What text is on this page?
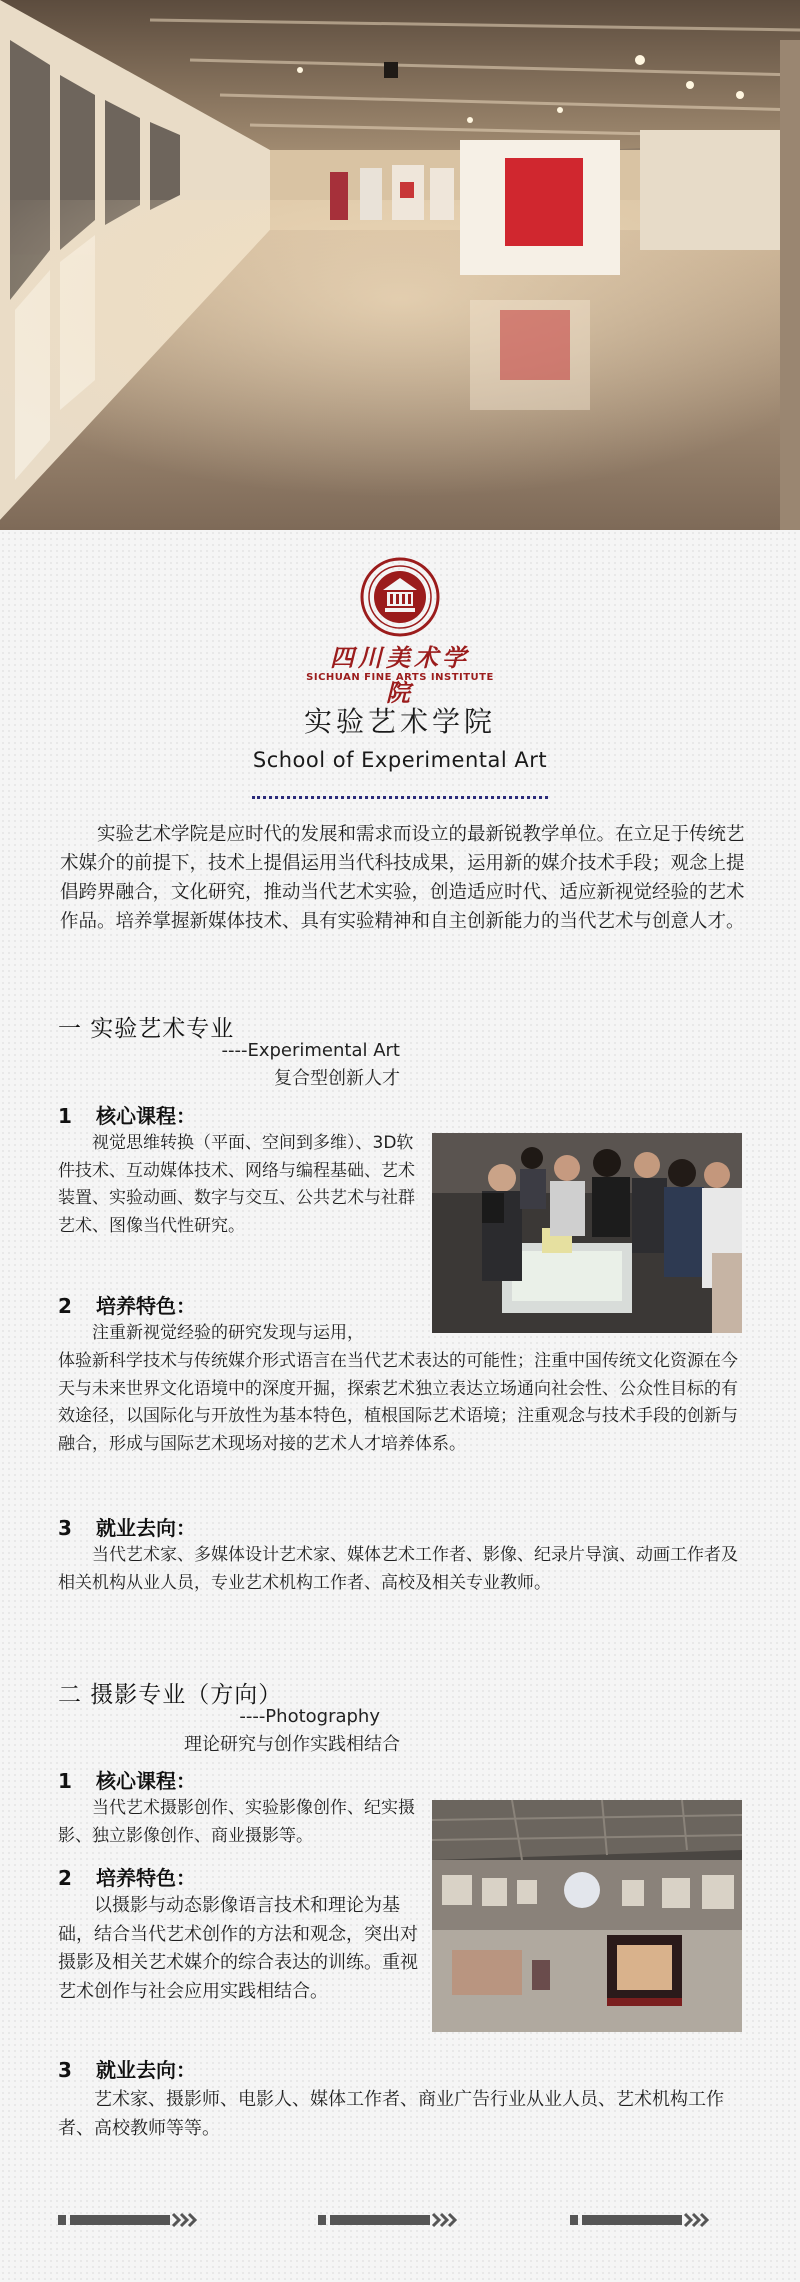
四川美术学院
SICHUAN FINE ARTS INSTITUTE
实验艺术学院
School of Experimental Art

实验艺术学院是应时代的发展和需求而设立的最新锐教学单位。在立足于传统艺术媒介的前提下，技术上提倡运用当代科技成果，运用新的媒介技术手段；观念上提倡跨界融合，文化研究，推动当代艺术实验，创造适应时代、适应新视觉经验的艺术作品。培养掌握新媒体技术、具有实验精神和自主创新能力的当代艺术与创意人才。

一 实验艺术专业
----Experimental Art
复合型创新人才
1 核心课程：

视觉思维转换（平面、空间到多维）、3D软件技术、互动媒体技术、网络与编程基础、艺术装置、实验动画、数字与交互、公共艺术与社群艺术、图像当代性研究。

2 培养特色：

注重新视觉经验的研究发现与运用，

体验新科学技术与传统媒介形式语言在当代艺术表达的可能性；注重中国传统文化资源在今天与未来世界文化语境中的深度开掘，探索艺术独立表达立场通向社会性、公众性目标的有效途径，以国际化与开放性为基本特色，植根国际艺术语境；注重观念与技术手段的创新与融合，形成与国际艺术现场对接的艺术人才培养体系。

3 就业去向：

当代艺术家、多媒体设计艺术家、媒体艺术工作者、影像、纪录片导演、动画工作者及相关机构从业人员，专业艺术机构工作者、高校及相关专业教师。

二 摄影专业（方向）
----Photography
理论研究与创作实践相结合
1 核心课程：

当代艺术摄影创作、实验影像创作、纪实摄影、独立影像创作、商业摄影等。

2 培养特色：

以摄影与动态影像语言技术和理论为基础，结合当代艺术创作的方法和观念，突出对摄影及相关艺术媒介的综合表达的训练。重视艺术创作与社会应用实践相结合。

3 就业去向：

艺术家、摄影师、电影人、媒体工作者、商业广告行业从业人员、艺术机构工作者、高校教师等等。
